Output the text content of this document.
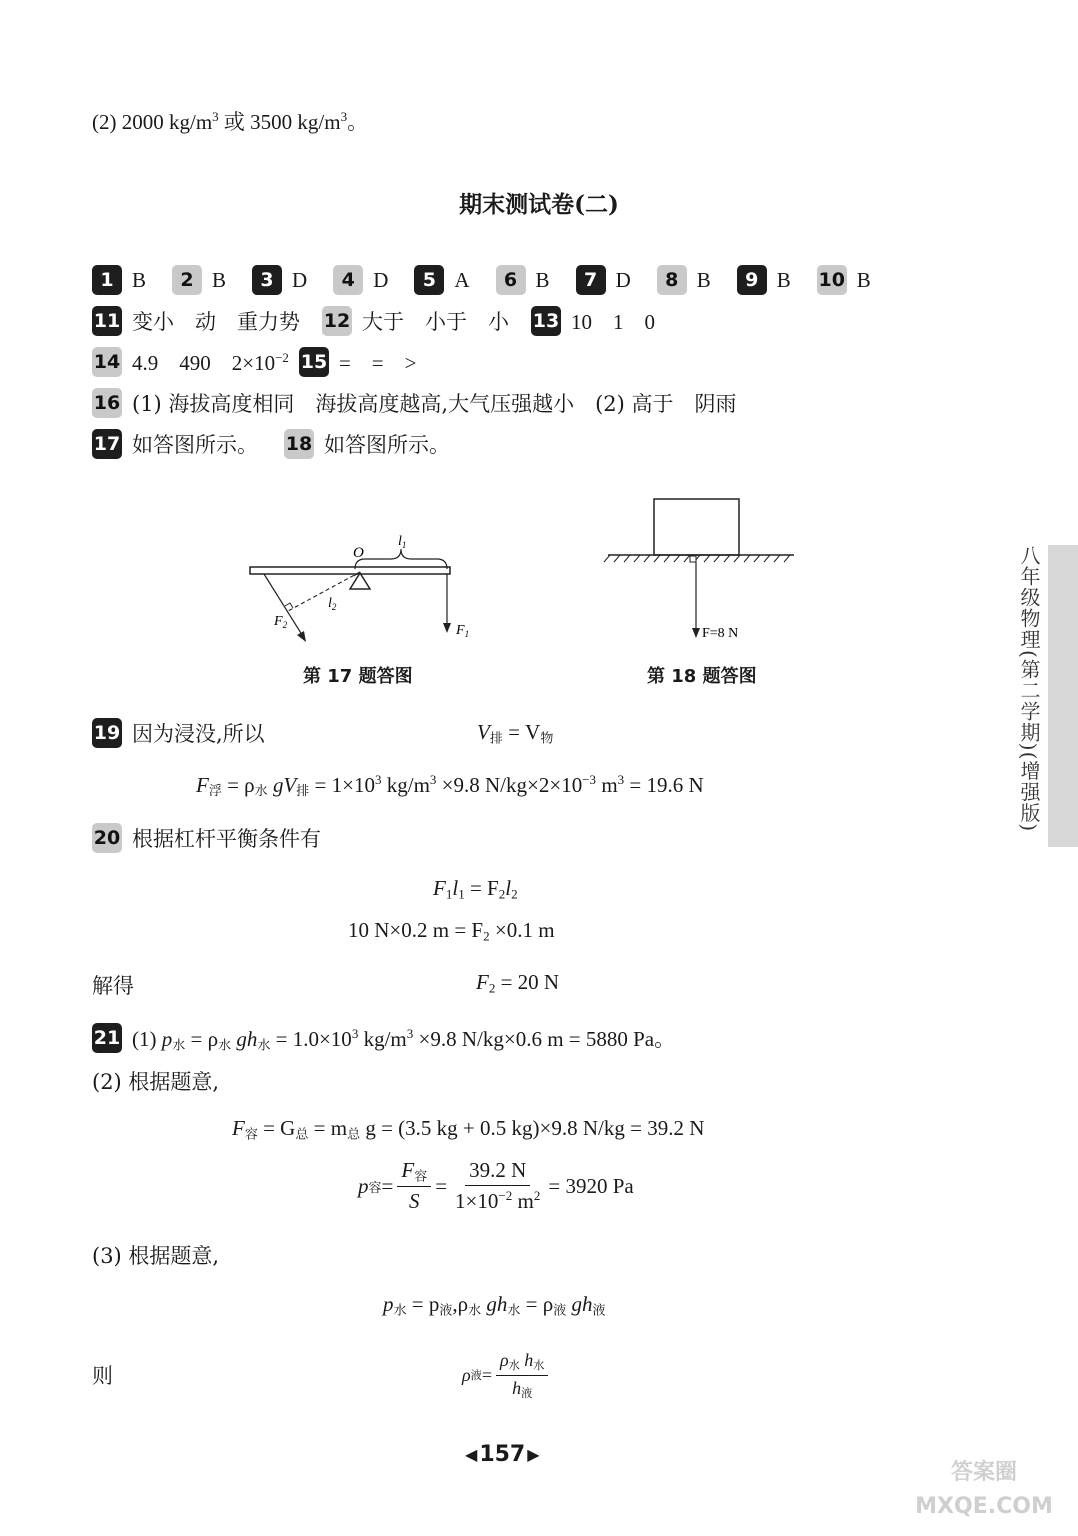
(2) 2000 $kg/m^3$ 或 3500 $kg/m^3$。
期末测试卷(二)
1 B	2 B	3 D	4 D	5 A	6 B	7 D	8 B	9 B 10 B
11 变小　动　重力势 12 大于　小于　小 13 10　1　0
14 4.9　490　$2\times 10^{-2}$ 15 =　=　>
16 (1) 海拔高度相同　海拔高度越高,大气压强越小　(2) 高于　阴雨
17 如答图所示。 18 如答图所示。
O
$l_1$
$l_2$
$F_1$
$F_2$
第 17 题答图
F=8 N
第 18 题答图
19 因为浸没,所以	$V_排 = V_物$
$F_浮 = \rho_水$ $gV_排 = 1\times 10^3$ $kg/m^3 \times 9.8$ $N/kg\times 2\times 10^{-3}$ $m^3 = 19.6$ N
20 根据杠杆平衡条件有
$F_1l_1 = F_2l_2$
10 N×0.2 $m = F_2 \times 0.1$ m
解得	$F_2 = 20$ N
21 (1) $p_水 = \rho_水$ $gh_水 = 1.0\times 10^3$ $kg/m^3 \times 9.8$ N/kg×0.6 m = 5880 Pa。
(2) 根据题意,
$F_容 = G_总 = m_总$ g = (3.5 kg + 0.5 kg)×9.8 N/kg = 39.2 N
p 容 = $\frac{F_容}{S} = \frac{39.2 N}{1\times 10^{-2} m^2} = 3920$ Pa
(3) 根据题意,
$p_水 = p_液,\rho_水$ $gh_水 = \rho_液$ $gh_液$
则	ρ 液 = $\frac{\rho_水 h_水}{h_液}$
◀ 157 ▶
八年级物理(第二学期)(增强版)
答案圈 MXQE.COM
